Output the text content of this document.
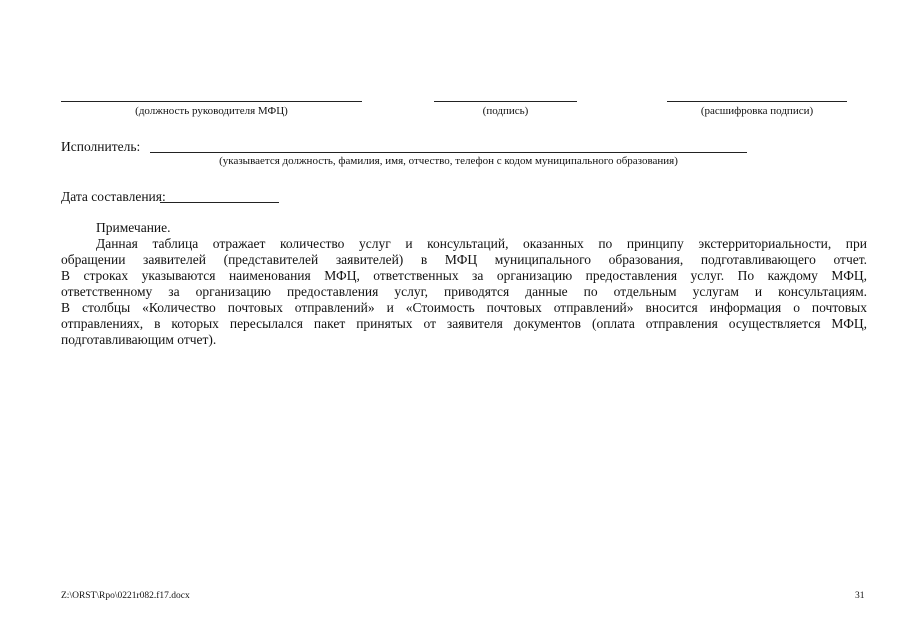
(должность руководителя МФЦ)	(подпись)	(расшифровка подписи)
Исполнитель:
(указывается должность, фамилия, имя, отчество, телефон с кодом муниципального образования)
Дата составления:
Примечание.
Данная таблица отражает количество услуг и консультаций, оказанных по принципу экстерриториальности, при
обращении заявителей (представителей заявителей) в МФЦ муниципального образования, подготавливающего отчет.
В строках указываются наименования МФЦ, ответственных за организацию предоставления услуг. По каждому МФЦ,
ответственному за организацию предоставления услуг, приводятся данные по отдельным услугам и консультациям.
В столбцы «Количество почтовых отправлений» и «Стоимость почтовых отправлений» вносится информация о почтовых
отправлениях, в которых пересылался пакет принятых от заявителя документов (оплата отправления осуществляется МФЦ,
подготавливающим отчет).
Z:\ORST\Rpo\0221r082.f17.docx	31
